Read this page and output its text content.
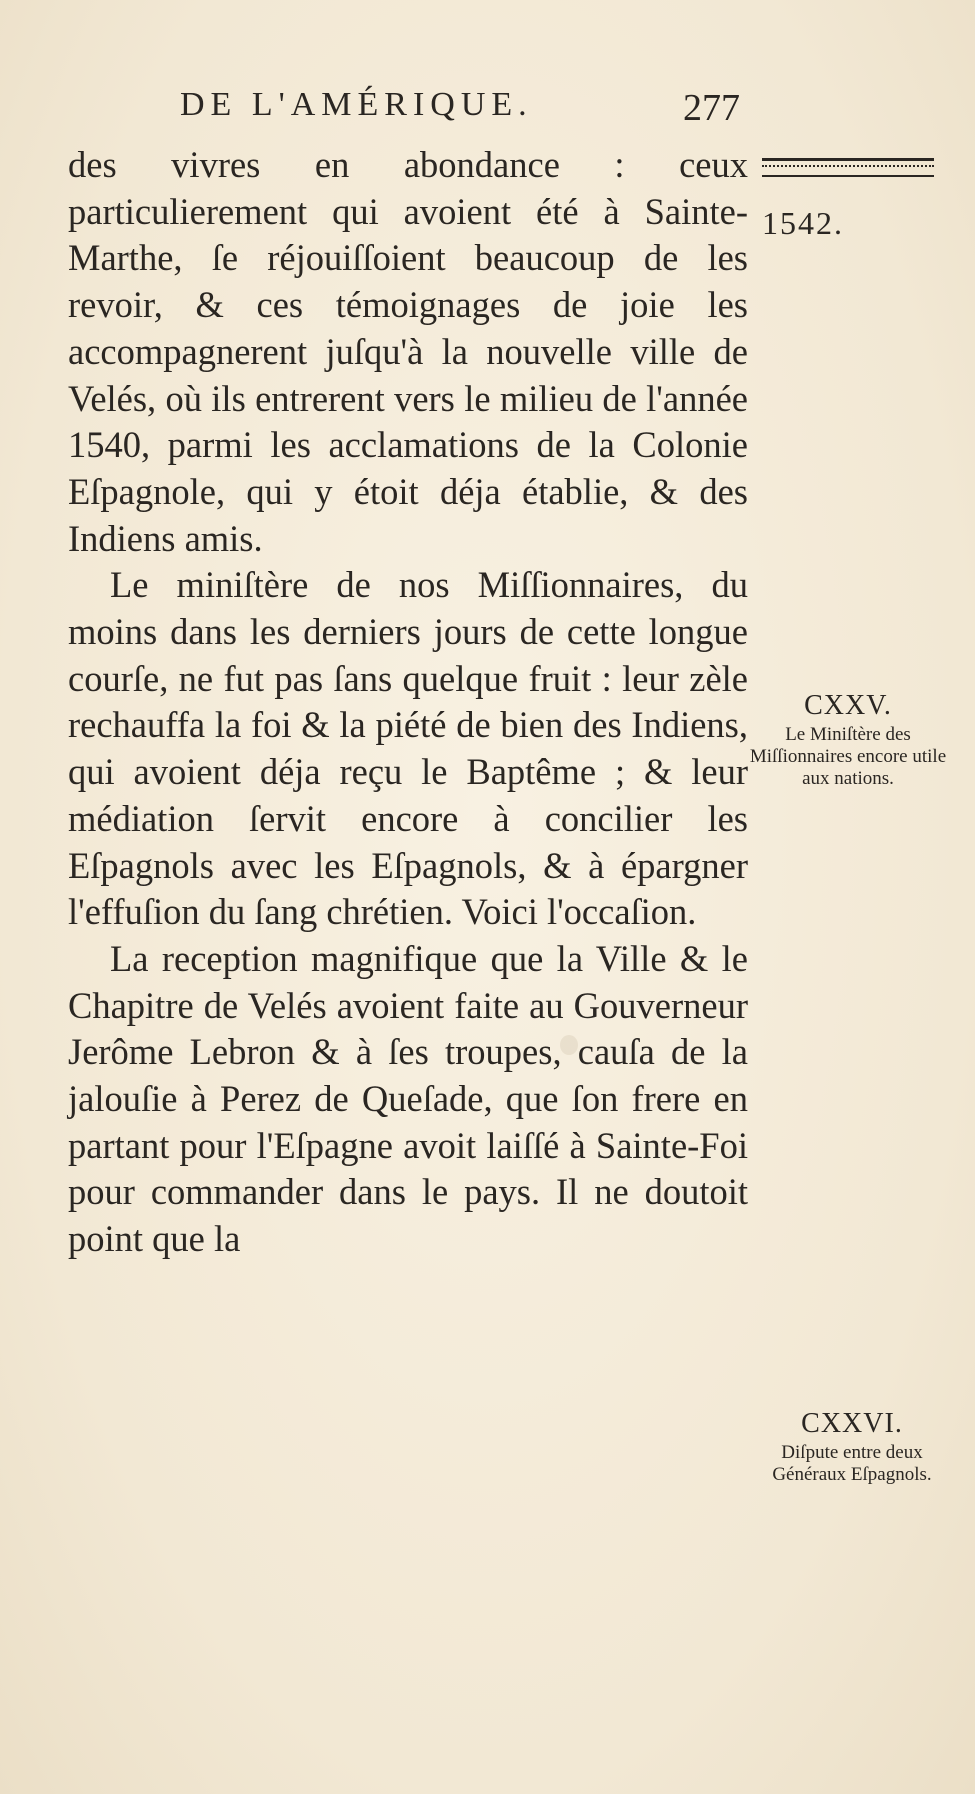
DE L'AMÉRIQUE.	277
1542.

des vivres en abondance : ceux particulierement qui avoient été à Sainte-Marthe, ſe réjouiſſoient beaucoup de les revoir, & ces témoignages de joie les accompagnerent juſqu'à la nouvelle ville de Velés, où ils entrerent vers le milieu de l'année 1540, parmi les acclamations de la Colonie Eſpagnole, qui y étoit déja établie, & des Indiens amis.

Le miniſtère de nos Miſſionnaires, du moins dans les derniers jours de cette longue courſe, ne fut pas ſans quelque fruit : leur zèle rechauffa la foi & la piété de bien des Indiens, qui avoient déja reçu le Baptême ; & leur médiation ſervit encore à concilier les Eſpagnols avec les Eſpagnols, & à épargner l'effuſion du ſang chrétien. Voici l'occaſion.

La reception magnifique que la Ville & le Chapitre de Velés avoient faite au Gouverneur Jerôme Lebron & à ſes troupes, cauſa de la jalouſie à Perez de Queſade, que ſon frere en partant pour l'Eſpagne avoit laiſſé à Sainte-Foi pour commander dans le pays. Il ne doutoit point que la

CXXV.
Le Miniſtère des Miſſionnaires encore utile aux nations.
CXXVI.
Diſpute entre deux Généraux Eſpagnols.
